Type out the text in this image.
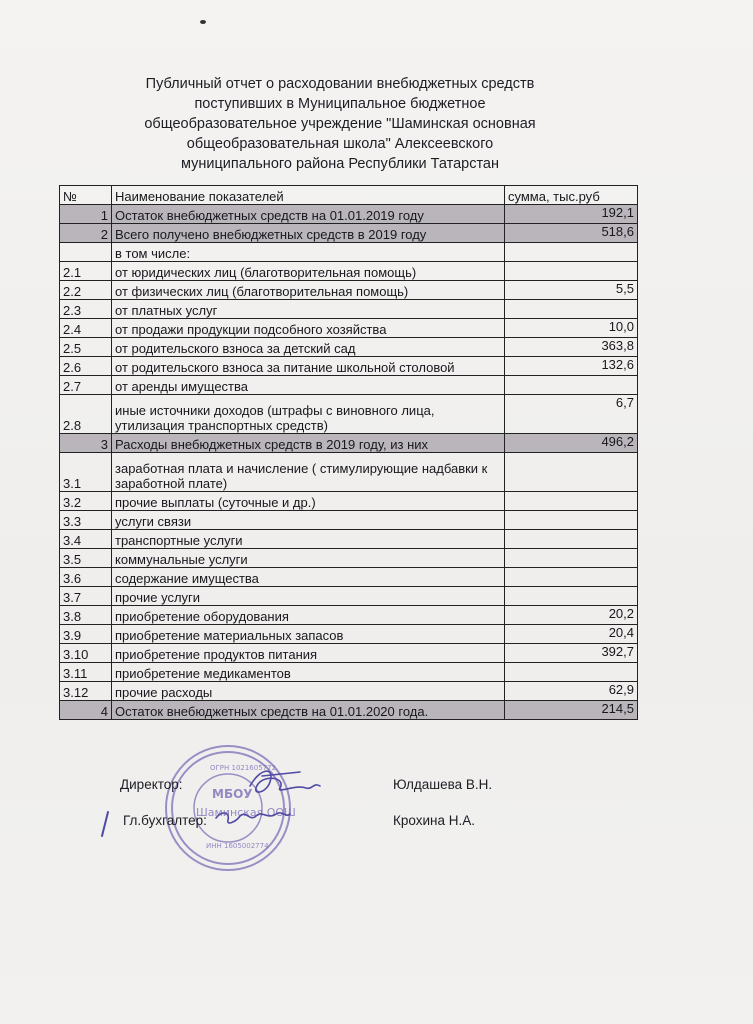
Публичный отчет о расходовании внебюджетных средств
поступивших в Муниципальное бюджетное
общеобразовательное учреждение "Шаминская основная
общеобразовательная школа" Алексеевского
муниципального района Республики Татарстан
№	Наименование показателей	сумма, тыс.руб
1	Остаток внебюджетных средств на 01.01.2019 году	192,1
2	Всего получено внебюджетных средств в 2019 году	518,6
	в том числе:	
2.1	от юридических лиц (благотворительная помощь)	
2.2	от физических лиц (благотворительная помощь)	5,5
2.3	от платных услуг	
2.4	от продажи продукции подсобного хозяйства	10,0
2.5	от родительского взноса за детский сад	363,8
2.6	от родительского взноса за питание школьной столовой	132,6
2.7	от аренды имущества	
2.8	иные источники доходов (штрафы с виновного лица, утилизация транспортных средств)	6,7
3	Расходы внебюджетных средств в 2019 году, из них	496,2
3.1	заработная плата и начисление ( стимулирующие надбавки к заработной плате)	
3.2	прочие выплаты (суточные и др.)	
3.3	услуги связи	
3.4	транспортные услуги	
3.5	коммунальные услуги	
3.6	содержание имущества	
3.7	прочие услуги	
3.8	приобретение оборудования	20,2
3.9	приобретение материальных запасов	20,4
3.10	приобретение продуктов питания	392,7
3.11	приобретение медикаментов	
3.12	прочие расходы	62,9
4	Остаток внебюджетных средств на 01.01.2020 года.	214,5
МБОУ
Шаминская ООШ
ОГРН 1021605772
ИНН 1605002774
Директор:	Юлдашева В.Н.
Гл.бухгалтер:	Крохина Н.А.
